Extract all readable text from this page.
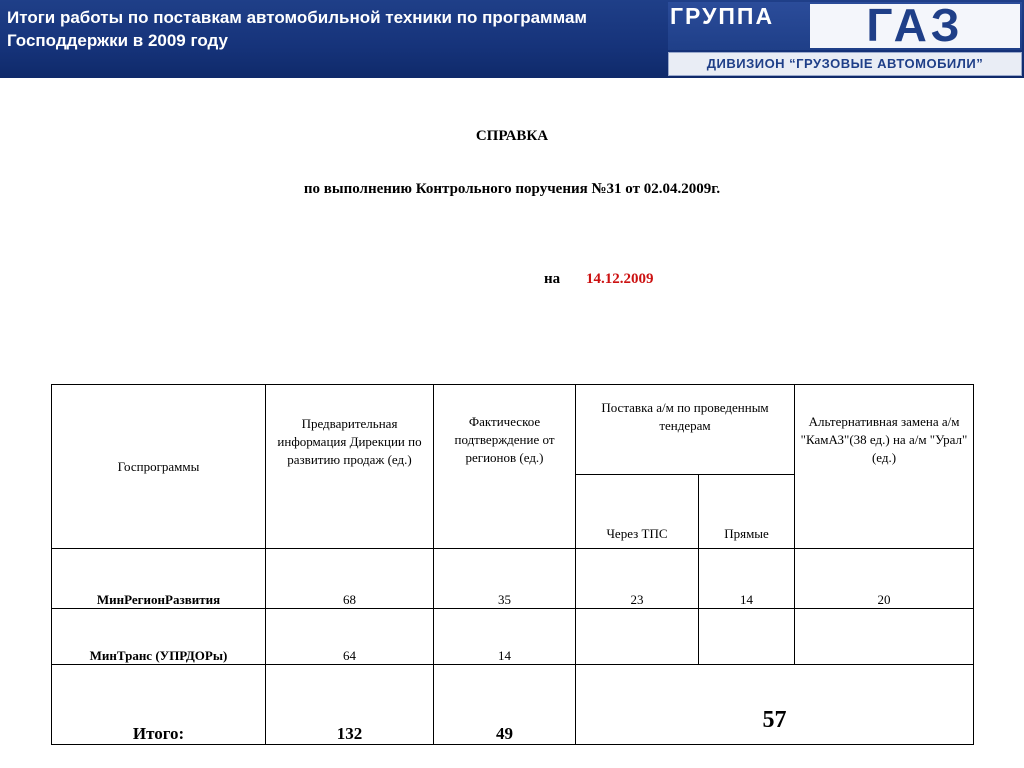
Итоги работы по поставкам автомобильной техники по программам Господдержки в 2009 году
ГРУППА	ГАЗ
ДИВИЗИОН “ГРУЗОВЫЕ АВТОМОБИЛИ”
СПРАВКА
по выполнению Контрольного поручения №31 от 02.04.2009г.
на 14.12.2009
Госпрограммы	Предварительная информация Дирекции по развитию продаж (ед.)	Фактическое подтверждение от регионов (ед.)	Поставка а/м по проведенным тендерам		Альтернативная замена а/м "КамАЗ"(38 ед.) на а/м "Урал" (ед.)
			Через ТПС	Прямые	
МинРегионРазвития	68	35	23	14	20
МинТранс (УПРДОРы)	64	14			
Итого:	132	49	57		
